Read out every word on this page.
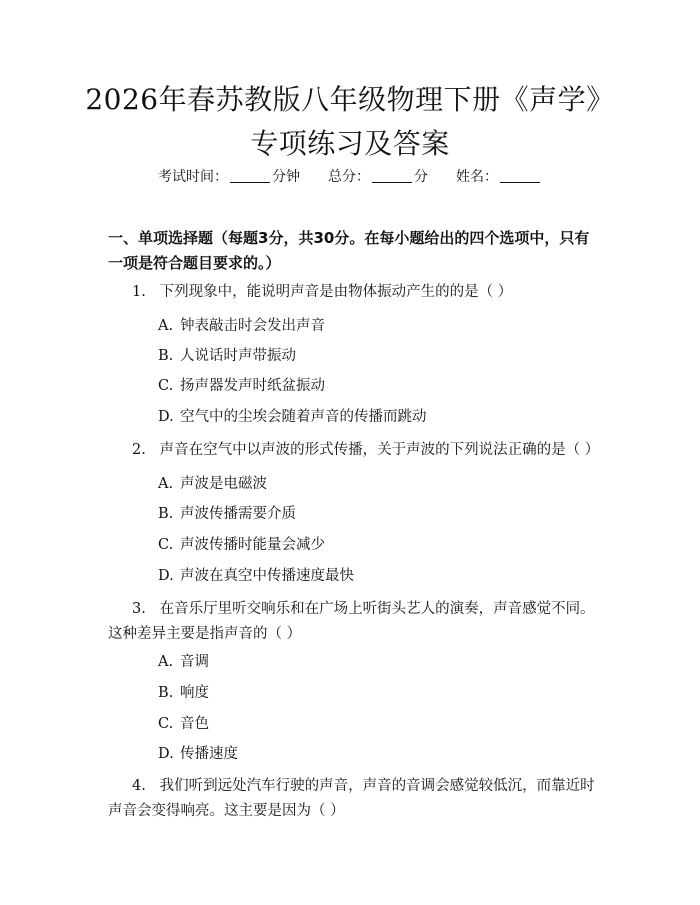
2026年春苏教版八年级物理下册《声学》专项练习及答案
考试时间：	分钟 总分：	分 姓名：
一、单项选择题（每题3分，共30分。在每小题给出的四个选项中，只有一项是符合题目要求的。）
1. 下列现象中，能说明声音是由物体振动产生的的是（ ）
A. 钟表敲击时会发出声音
B. 人说话时声带振动
C. 扬声器发声时纸盆振动
D. 空气中的尘埃会随着声音的传播而跳动
2. 声音在空气中以声波的形式传播，关于声波的下列说法正确的是（ ）
A. 声波是电磁波
B. 声波传播需要介质
C. 声波传播时能量会减少
D. 声波在真空中传播速度最快
3. 在音乐厅里听交响乐和在广场上听街头艺人的演奏，声音感觉不同。这种差异主要是指声音的（ ）
A. 音调
B. 响度
C. 音色
D. 传播速度
4. 我们听到远处汽车行驶的声音，声音的音调会感觉较低沉，而靠近时声音会变得响亮。这主要是因为（ ）
